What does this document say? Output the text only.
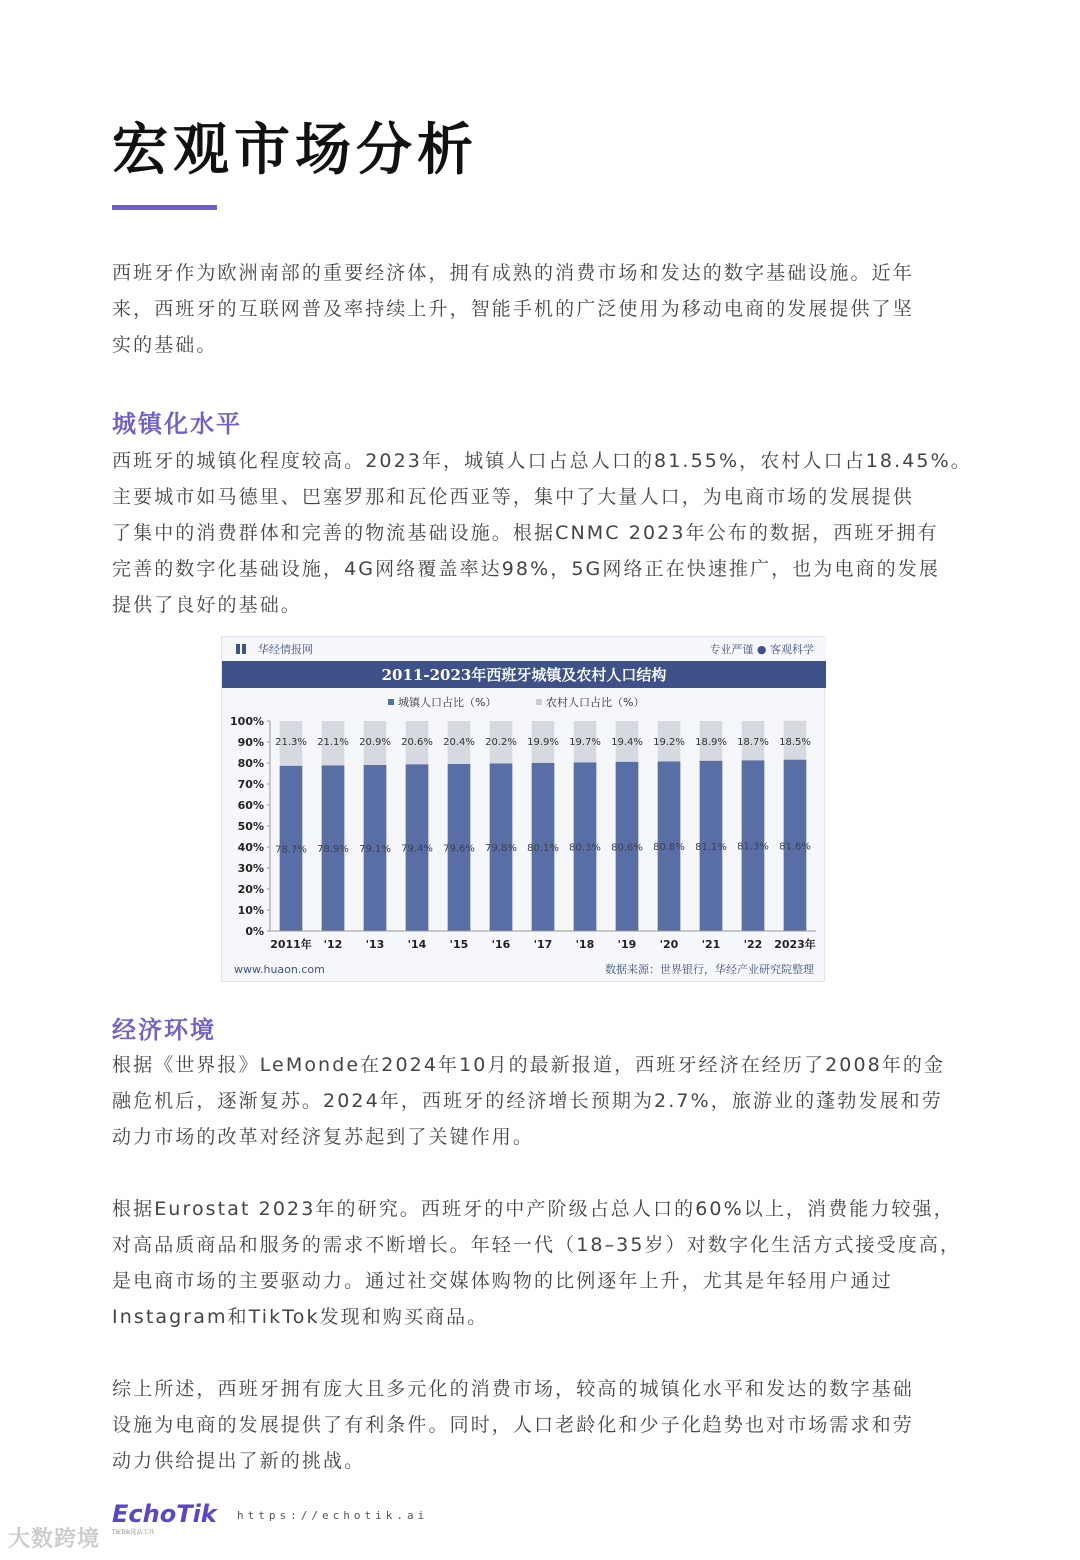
宏观市场分析
西班牙作为欧洲南部的重要经济体，拥有成熟的消费市场和发达的数字基础设施。近年
来，西班牙的互联网普及率持续上升，智能手机的广泛使用为移动电商的发展提供了坚
实的基础。
城镇化水平
西班牙的城镇化程度较高。2023年，城镇人口占总人口的81.55%，农村人口占18.45%。
主要城市如马德里、巴塞罗那和瓦伦西亚等，集中了大量人口，为电商市场的发展提供
了集中的消费群体和完善的物流基础设施。根据CNMC 2023年公布的数据，西班牙拥有
完善的数字化基础设施，4G网络覆盖率达98%，5G网络正在快速推广，也为电商的发展
提供了良好的基础。
华经情报网	专业严谨 ● 客观科学
2011-2023年西班牙城镇及农村人口结构
城镇人口占比（%）	农村人口占比（%）
0%
10%
20%
30%
40%
50%
60%
70%
80%
90%
100%
78.7%
21.3%
78.9%
21.1%
79.1%
20.9%
79.4%
20.6%
79.6%
20.4%
79.8%
20.2%
80.1%
19.9%
80.3%
19.7%
80.6%
19.4%
80.8%
19.2%
81.1%
18.9%
81.3%
18.7%
81.6%
18.5%
2011年 '12 '13 '14 '15 '16 '17 '18 '19 '20 '21 '22 2023年
www.huaon.com	数据来源：世界银行，华经产业研究院整理
经济环境
根据《世界报》LeMonde在2024年10月的最新报道，西班牙经济在经历了2008年的金
融危机后，逐渐复苏。2024年，西班牙的经济增长预期为2.7%，旅游业的蓬勃发展和劳
动力市场的改革对经济复苏起到了关键作用。
根据Eurostat 2023年的研究。西班牙的中产阶级占总人口的60%以上，消费能力较强，
对高品质商品和服务的需求不断增长。年轻一代（18–35岁）对数字化生活方式接受度高，
是电商市场的主要驱动力。通过社交媒体购物的比例逐年上升，尤其是年轻用户通过
Instagram和TikTok发现和购买商品。
综上所述，西班牙拥有庞大且多元化的消费市场，较高的城镇化水平和发达的数字基础
设施为电商的发展提供了有利条件。同时，人口老龄化和少子化趋势也对市场需求和劳
动力供给提出了新的挑战。
EchoTik
TikTok选品工具
https://echotik.ai
大数跨境
